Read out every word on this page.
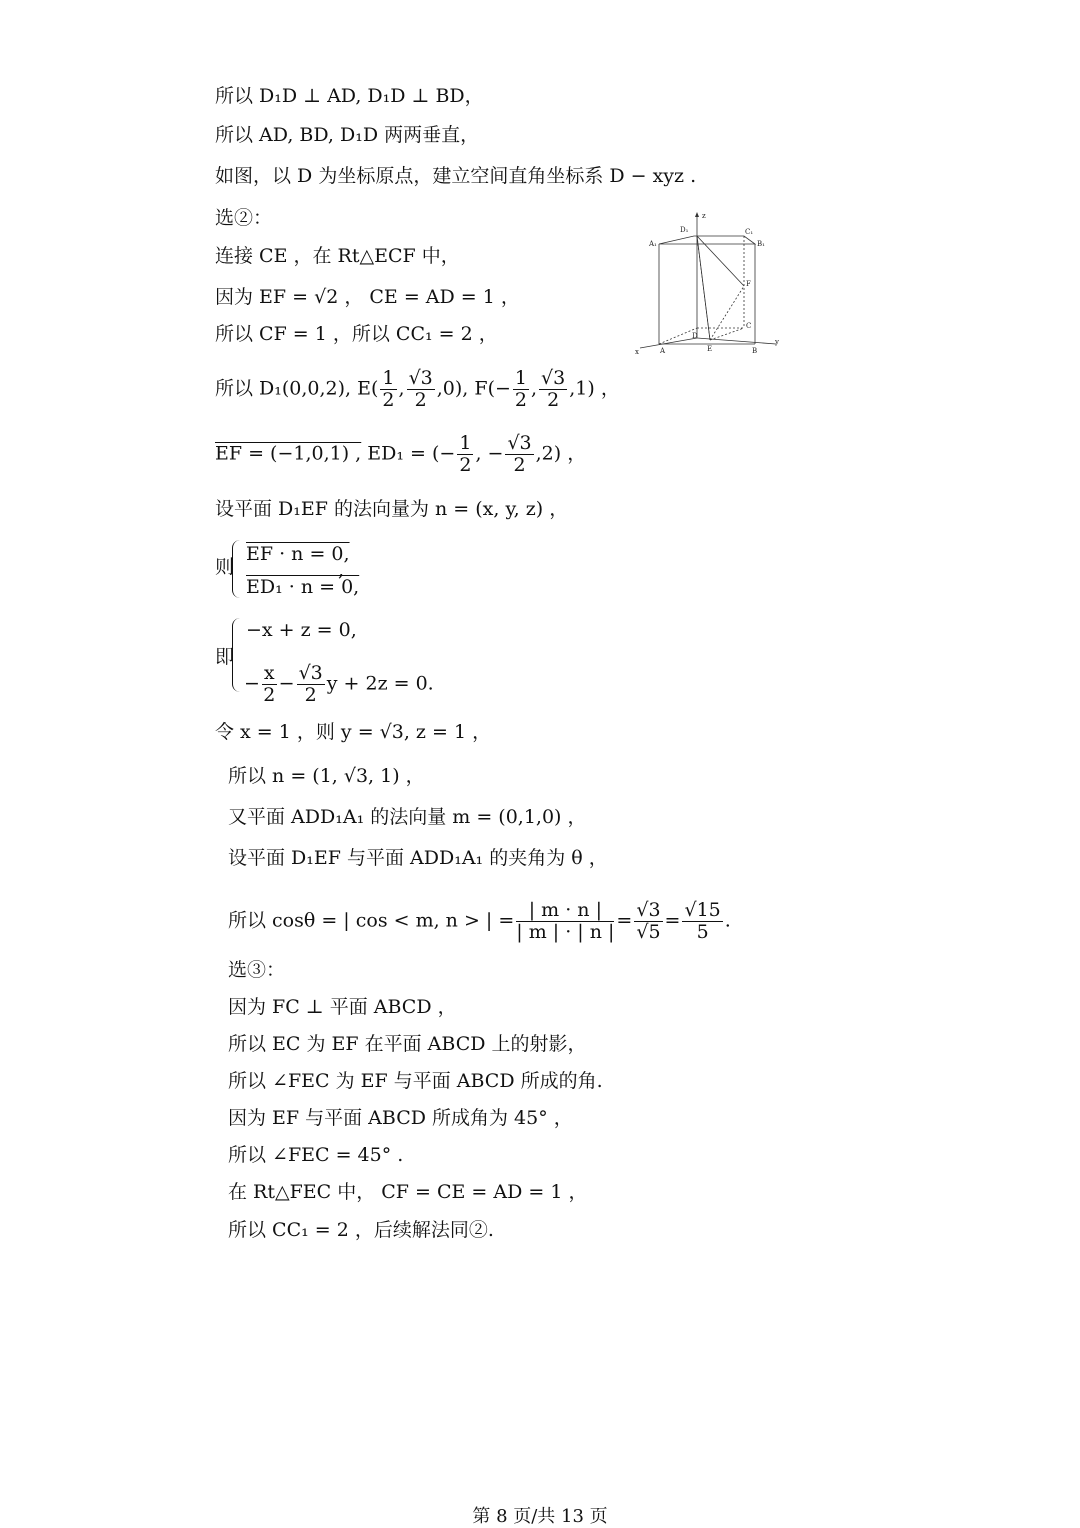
所以 D₁D ⊥ AD, D₁D ⊥ BD，
所以 AD, BD, D₁D 两两垂直，
如图，以 D 为坐标原点，建立空间直角坐标系 D − xyz .
选②：
连接 CE ，在 Rt△ECF 中，
因为 EF = √2 ， CE = AD = 1 ，
所以 CF = 1 ，所以 CC₁ = 2 ，
所以 D₁(0,0,2), $E( \frac{1}{2}$ , $\frac{√3}{2} ,0$), $F(- \frac{1}{2}$ , $\frac{√3}{2} ,1$) ，
EF = (−1,0,1) , ED₁ = (− $\frac{1}{2}$ , − $\frac{√3}{2} ,2$) ，
设平面 D₁EF 的法向量为 n = (x, y, z) ，
则
EF · n = 0,
ED₁ · n = 0,
,
即
−x + z = 0,
− $\frac{x}{2} - \frac{√3}{2}$ y + 2z = 0.
令 x = 1 ，则 y = √3, z = 1 ，
所以 n = (1, √3, 1) ，
又平面 ADD₁A₁ 的法向量 m = (0,1,0) ，
设平面 D₁EF 与平面 ADD₁A₁ 的夹角为 θ ，
所以 cosθ = | cos < m, n > | = $\frac{| m \cdot n |}{| m | \cdot | n |} = \frac{√3}{√5} = \frac{√15}{5}$ .
选③：
因为 FC ⊥ 平面 ABCD ，
所以 EC 为 EF 在平面 ABCD 上的射影，
所以 ∠FEC 为 EF 与平面 ABCD 所成的角.
因为 EF 与平面 ABCD 所成角为 45° ，
所以 ∠FEC = 45° .
在 Rt△FEC 中， CF = CE = AD = 1 ，
所以 CC₁ = 2 ，后续解法同②.
z
y
x
D₁
A₁
C₁
B₁
F
C
A
D
E	B
第 8 页/共 13 页
